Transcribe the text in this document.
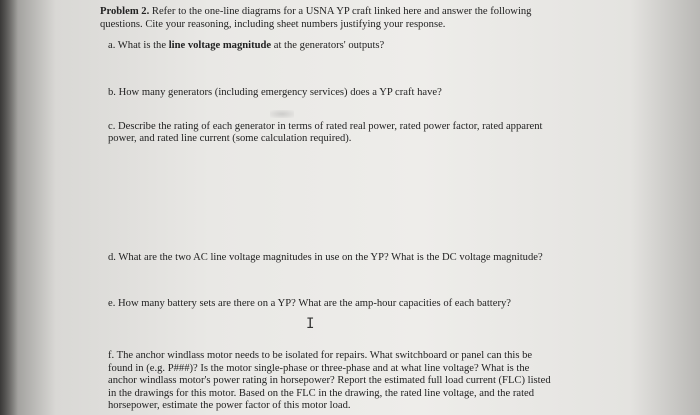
Problem 2. Refer to the one-line diagrams for a USNA YP craft linked here and answer the following

questions. Cite your reasoning, including sheet numbers justifying your response.

a. What is the line voltage magnitude at the generators' outputs?

b. How many generators (including emergency services) does a YP craft have?

c. Describe the rating of each generator in terms of rated real power, rated power factor, rated apparent

power, and rated line current (some calculation required).

d. What are the two AC line voltage magnitudes in use on the YP? What is the DC voltage magnitude?

e. How many battery sets are there on a YP? What are the amp-hour capacities of each battery?

f. The anchor windlass motor needs to be isolated for repairs. What switchboard or panel can this be

found in (e.g. P###)? Is the motor single-phase or three-phase and at what line voltage? What is the

anchor windlass motor's power rating in horsepower? Report the estimated full load current (FLC) listed

in the drawings for this motor. Based on the FLC in the drawing, the rated line voltage, and the rated

horsepower, estimate the power factor of this motor load.

I
